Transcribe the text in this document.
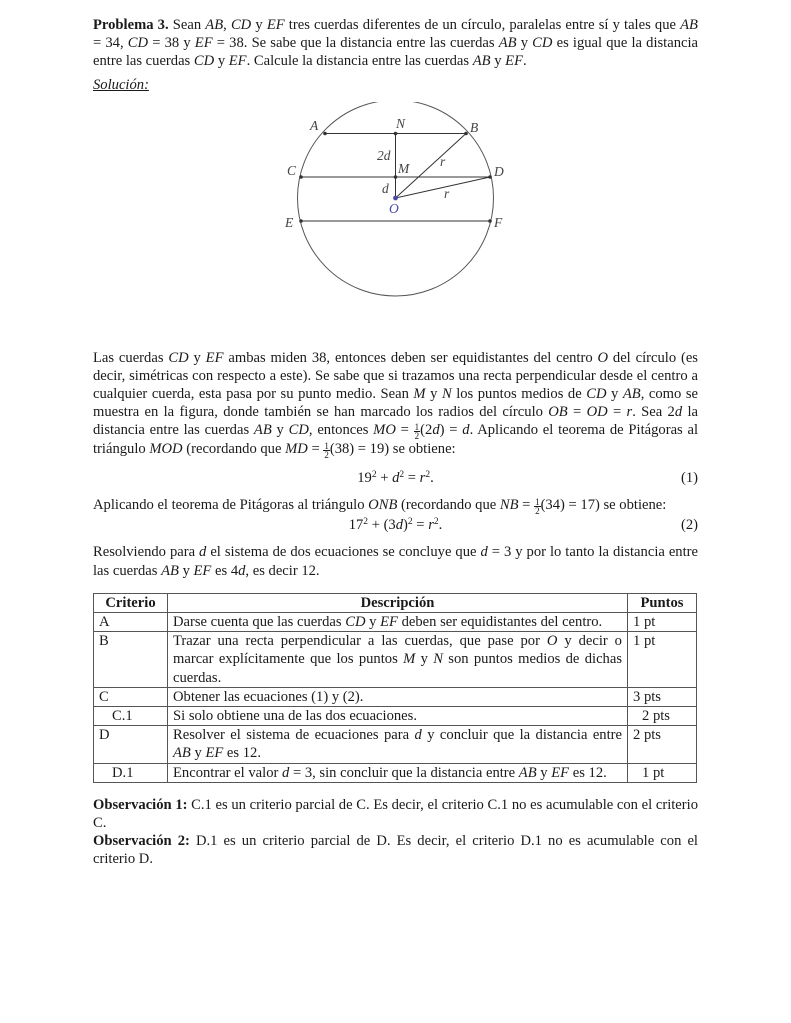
Problema 3. Sean AB, CD y EF tres cuerdas diferentes de un círculo, paralelas entre sí y tales que AB = 34, CD = 38 y EF = 38. Se sabe que la distancia entre las cuerdas AB y CD es igual que la distancia entre las cuerdas CD y EF. Calcule la distancia entre las cuerdas AB y EF.

Solución:
A	N	B
C	M	D
E	F
O
2d
d
r
r

Las cuerdas CD y EF ambas miden 38, entonces deben ser equidistantes del centro O del círculo (es decir, simétricas con respecto a este). Se sabe que si trazamos una recta perpendicular desde el centro a cualquier cuerda, esta pasa por su punto medio. Sean M y N los puntos medios de CD y AB, como se muestra en la figura, donde también se han marcado los radios del círculo OB = OD = r. Sea 2d la distancia entre las cuerdas AB y CD, entonces MO = $\frac{1}{2} (2d) = d$. Aplicando el teorema de Pitágoras al triángulo MOD (recordando que MD = $\frac{1}{2} (38) = 19$) se obtiene:

$19^2 + d^2 = r^2$.	(1)

Aplicando el teorema de Pitágoras al triángulo ONB (recordando que NB = $\frac{1}{2} (34) = 17$) se obtiene:

$17^2 + (3d)^2 = r^2$.	(2)

Resolviendo para d el sistema de dos ecuaciones se concluye que d = 3 y por lo tanto la distancia entre las cuerdas AB y EF es 4d, es decir 12.

Criterio	Descripción	Puntos
A	Darse cuenta que las cuerdas CD y EF deben ser equidistantes del centro.	1 pt
B	Trazar una recta perpendicular a las cuerdas, que pase por O y decir o marcar explícitamente que los puntos M y N son puntos medios de dichas cuerdas.	1 pt
C	Obtener las ecuaciones (1) y (2).	3 pts
C.1	Si solo obtiene una de las dos ecuaciones.	2 pts
D	Resolver el sistema de ecuaciones para d y concluir que la distancia entre AB y EF es 12.	2 pts
D.1	Encontrar el valor d = 3, sin concluir que la distancia entre AB y EF es 12.	1 pt

Observación 1: C.1 es un criterio parcial de C. Es decir, el criterio C.1 no es acumulable con el criterio C.

Observación 2: D.1 es un criterio parcial de D. Es decir, el criterio D.1 no es acumulable con el criterio D.
